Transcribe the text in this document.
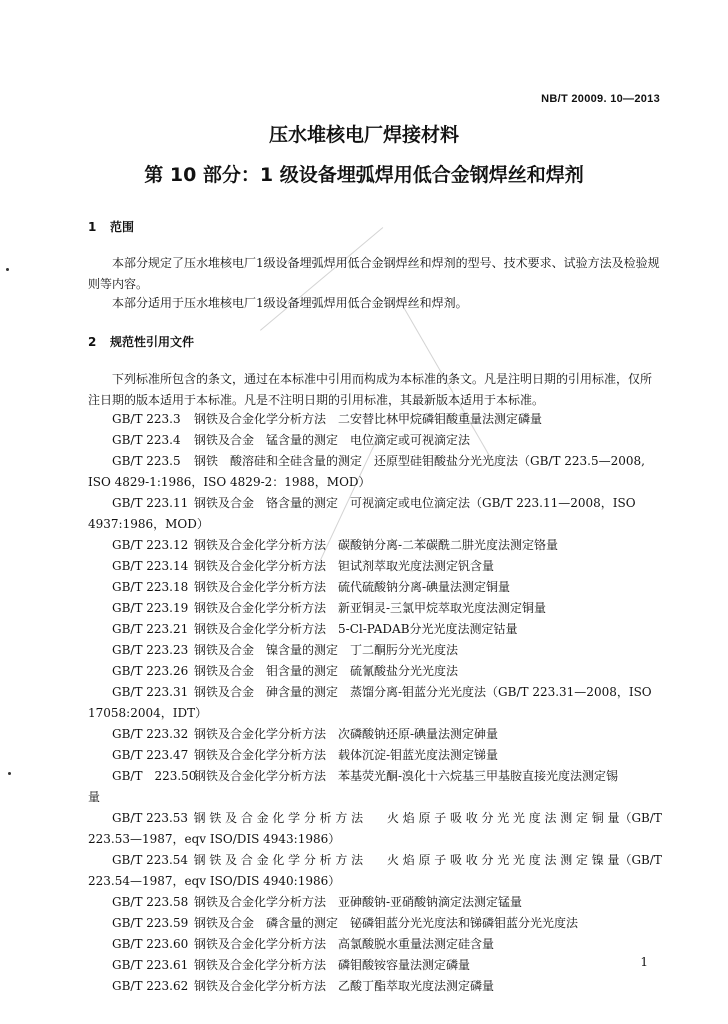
NB/T 20009. 10—2013
压水堆核电厂焊接材料
第 10 部分：1 级设备埋弧焊用低合金钢焊丝和焊剂
1 范围
本部分规定了压水堆核电厂1级设备埋弧焊用低合金钢焊丝和焊剂的型号、技术要求、试验方法及检验规则等内容。
本部分适用于压水堆核电厂1级设备埋弧焊用低合金钢焊丝和焊剂。
2 规范性引用文件
下列标准所包含的条文，通过在本标准中引用而构成为本标准的条文。凡是注明日期的引用标准，仅所注日期的版本适用于本标准。凡是不注明日期的引用标准，其最新版本适用于本标准。
GB/T 223.3 钢铁及合金化学分析方法　二安替比林甲烷磷钼酸重量法测定磷量
GB/T 223.4 钢铁及合金　锰含量的测定　电位滴定或可视滴定法
GB/T 223.5 钢铁　酸溶硅和全硅含量的测定　还原型硅钼酸盐分光光度法（GB/T 223.5—2008,
ISO 4829-1:1986，ISO 4829-2：1988，MOD）
GB/T 223.11 钢铁及合金　铬含量的测定　可视滴定或电位滴定法（GB/T 223.11—2008，ISO
4937:1986，MOD）
GB/T 223.12 钢铁及合金化学分析方法　碳酸钠分离-二苯碳酰二肼光度法测定铬量
GB/T 223.14 钢铁及合金化学分析方法　钽试剂萃取光度法测定钒含量
GB/T 223.18 钢铁及合金化学分析方法　硫代硫酸钠分离-碘量法测定铜量
GB/T 223.19 钢铁及合金化学分析方法　新亚铜灵-三氯甲烷萃取光度法测定铜量
GB/T 223.21 钢铁及合金化学分析方法　5-Cl-PADAB分光光度法测定钴量
GB/T 223.23 钢铁及合金　镍含量的测定　丁二酮肟分光光度法
GB/T 223.26 钢铁及合金　钼含量的测定　硫氰酸盐分光光度法
GB/T 223.31 钢铁及合金　砷含量的测定　蒸馏分离-钼蓝分光光度法（GB/T 223.31—2008，ISO
17058:2004，IDT）
GB/T 223.32 钢铁及合金化学分析方法　次磷酸钠还原-碘量法测定砷量
GB/T 223.47 钢铁及合金化学分析方法　载体沉淀-钼蓝光度法测定锑量
GB/T　223.50钢铁及合金化学分析方法　苯基荧光酮-溴化十六烷基三甲基胺直接光度法测定锡
量
GB/T 223.53 钢 铁 及 合 金 化 学 分 析 方 法　　火 焰 原 子 吸 收 分 光 光 度 法 测 定 铜 量（GB/T
223.53—1987，eqv ISO/DIS 4943:1986）
GB/T 223.54 钢 铁 及 合 金 化 学 分 析 方 法　　火 焰 原 子 吸 收 分 光 光 度 法 测 定 镍 量（GB/T
223.54—1987，eqv ISO/DIS 4940:1986）
GB/T 223.58 钢铁及合金化学分析方法　亚砷酸钠-亚硝酸钠滴定法测定锰量
GB/T 223.59 钢铁及合金　磷含量的测定　铋磷钼蓝分光光度法和锑磷钼蓝分光光度法
GB/T 223.60 钢铁及合金化学分析方法　高氯酸脱水重量法测定硅含量
GB/T 223.61 钢铁及合金化学分析方法　磷钼酸铵容量法测定磷量
GB/T 223.62 钢铁及合金化学分析方法　乙酸丁酯萃取光度法测定磷量
1
